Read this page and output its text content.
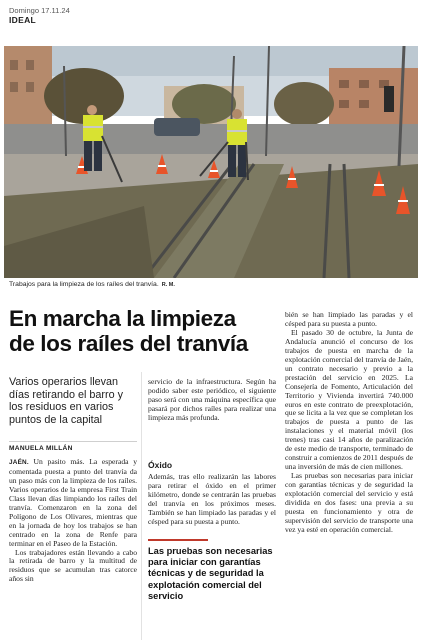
Domingo 17.11.24
IDEAL
Trabajos para la limpieza de los raíles del tranvía. R. M.
En marcha la limpieza
de los raíles del tranvía

Varios operarios llevan días retirando el barro y los residuos en varios puntos de la capital

MANUELA MILLÁN

JAÉN. Un pasito más. La esperada y comentada puesta a punto del tranvía da un paso más con la limpieza de los raíles. Varios operarios de la empresa First Train Class llevan días limpiando los raíles del tranvía. Comenzaron en la zona del Polígono de Los Olivares, mientras que en la jornada de hoy los trabajos se han centrado en la zona de Renfe para terminar en el Paseo de la Estación.

Los trabajadores están llevando a cabo la retirada de barro y la multitud de residuos que se acumulan tras catorce años sin

servicio de la infraestructura. Según ha podido saber este periódico, el siguiente paso será con una máquina específica que pasará por dichos raíles para realizar una limpieza más profunda.

Óxido

Además, tras ello realizarán las labores para retirar el óxido en el primer kilómetro, donde se centrarán las pruebas del tranvía en los próximos meses. También se han limpiado las paradas y el césped para su puesta a punto.

Las pruebas son necesarias para iniciar con garantías técnicas y de seguridad la explotación comercial del servicio

bién se han limpiado las paradas y el césped para su puesta a punto.

El pasado 30 de octubre, la Junta de Andalucía anunció el concurso de los trabajos de puesta en marcha de la explotación comercial del tranvía de Jaén, un contrato necesario y previo a la prestación del servicio en 2025. La Consejería de Fomento, Articulación del Territorio y Vivienda invertirá 740.000 euros en este contrato de preexplotación, que se licita a la vez que se completan los trabajos de puesta a punto de las instalaciones y el material móvil (los trenes) tras casi 14 años de paralización de este medio de transporte, terminado de construir a comienzos de 2011 después de una inversión de más de cien millones.

Las pruebas son necesarias para iniciar con garantías técnicas y de seguridad la explotación comercial del servicio y está dividida en dos fases: una previa a su puesta en funcionamiento y otra de supervisión del servicio de transporte una vez ya esté en operación comercial.
